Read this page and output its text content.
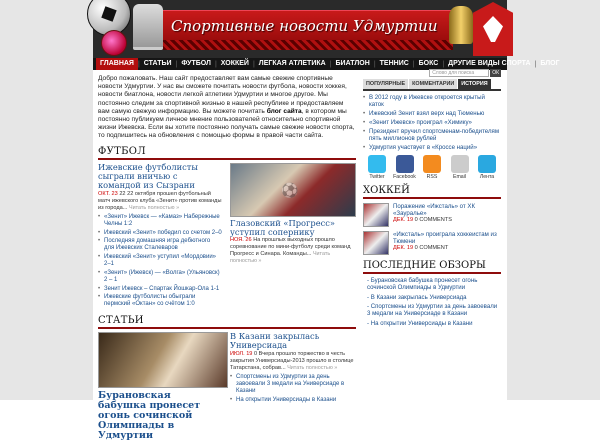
Спортивные новости Удмуртии
ГЛАВНАЯ | СТАТЬИ | ФУТБОЛ | ХОККЕЙ | ЛЕГКАЯ АТЛЕТИКА | БИАТЛОН | ТЕННИС | БОКС | ДРУГИЕ ВИДЫ СПОРТА | БЛОГ
Добро пожаловать. Наш сайт предоставляет вам самые свежие спортивные новости Удмуртии. У нас вы сможете почитать новости футбола, новости хоккея, новости биатлона, новости легкой атлетики Удмуртии и многое другое. Мы постоянно следим за спортивной жизнью в нашей республике и предоставляем вам самую свежую информацию. Вы можете почитать блог сайта, в котором мы постоянно публикуем личное мнение пользователей относительно спортивной жизни Ижевска. Если вы хотите постоянно получать самые свежие новости спорта, то подпишитесь на обновления с помощью формы в правой части сайта.
ФУТБОЛ
Ижевские футболисты сыграли вничью с командой из Сызрани
ОКТ. 23 22 22 октября прошел футбольный матч ижевского клуба «Зенит» против команды из города... Читать полностью »
• «Зенит» Ижевск — «Камаз» Набережные Челны 1:2
• Ижевский «Зенит» победил со счетом 2–0
• Последняя домашняя игра дебютного для Ижевских Сталеваров
• Ижевский «Зенит» уступил «Мордовии» 2–1
• «Зенит» (Ижевск) — «Волга» (Ульяновск) 2 – 1
• Зенит Ижевск – Спартак Йошкар-Ола 1-1
• Ижевские футболисты обыграли пермский «Октан» со счётом 1:0
⚽
Глазовский «Прогресс» уступил сопернику
НОЯ. 26 На прошлых выходных прошло соревнование по мини-футболу среди команд Прогресс и Синара. Команды... Читать полностью »
СТАТЬИ
Бурановская бабушка пронесет огонь сочинской Олимпиады в Удмуртии
В Казани закрылась Универсиада
ИЮЛ. 19 0 Вчера прошло торжество в честь закрытия Универсиады-2013 прошло в столице Татарстана, собрав... Читать полностью »
• Спортсмены из Удмуртии за день завоевали 3 медали на Универсиаде в Казани
• На открытии Универсиады в Казани
Слово для поиска	ОК
ПОПУЛЯРНЫЕ	КОММЕНТАРИИ	ИСТОРИЯ
• В 2012 году в Ижевске откроется крытый каток
• Ижевский Зенит взял верх над Тюменью
• «Зенит Ижевск» проиграл «Химику»
• Президент вручил спортсменам-победителям пять миллионов рублей
• Удмуртия участвует в «Кроссе наций»
Twitter	Facebook	RSS	Email	Лента
ХОККЕЙ
Поражение «Ижсталь» от ХК «Зауралье»
ДЕК. 19 0 COMMENTS
«Ижсталь» проиграла хоккеистам из Тюмени
ДЕК. 19 0 COMMENT
ПОСЛЕДНИЕ ОБЗОРЫ
- Бурановская бабушка пронесет огонь сочинской Олимпиады в Удмуртии
- В Казани закрылась Универсиада
- Спортсмены из Удмуртии за день завоевали 3 медали на Универсиаде в Казани
- На открытии Универсиады в Казани
